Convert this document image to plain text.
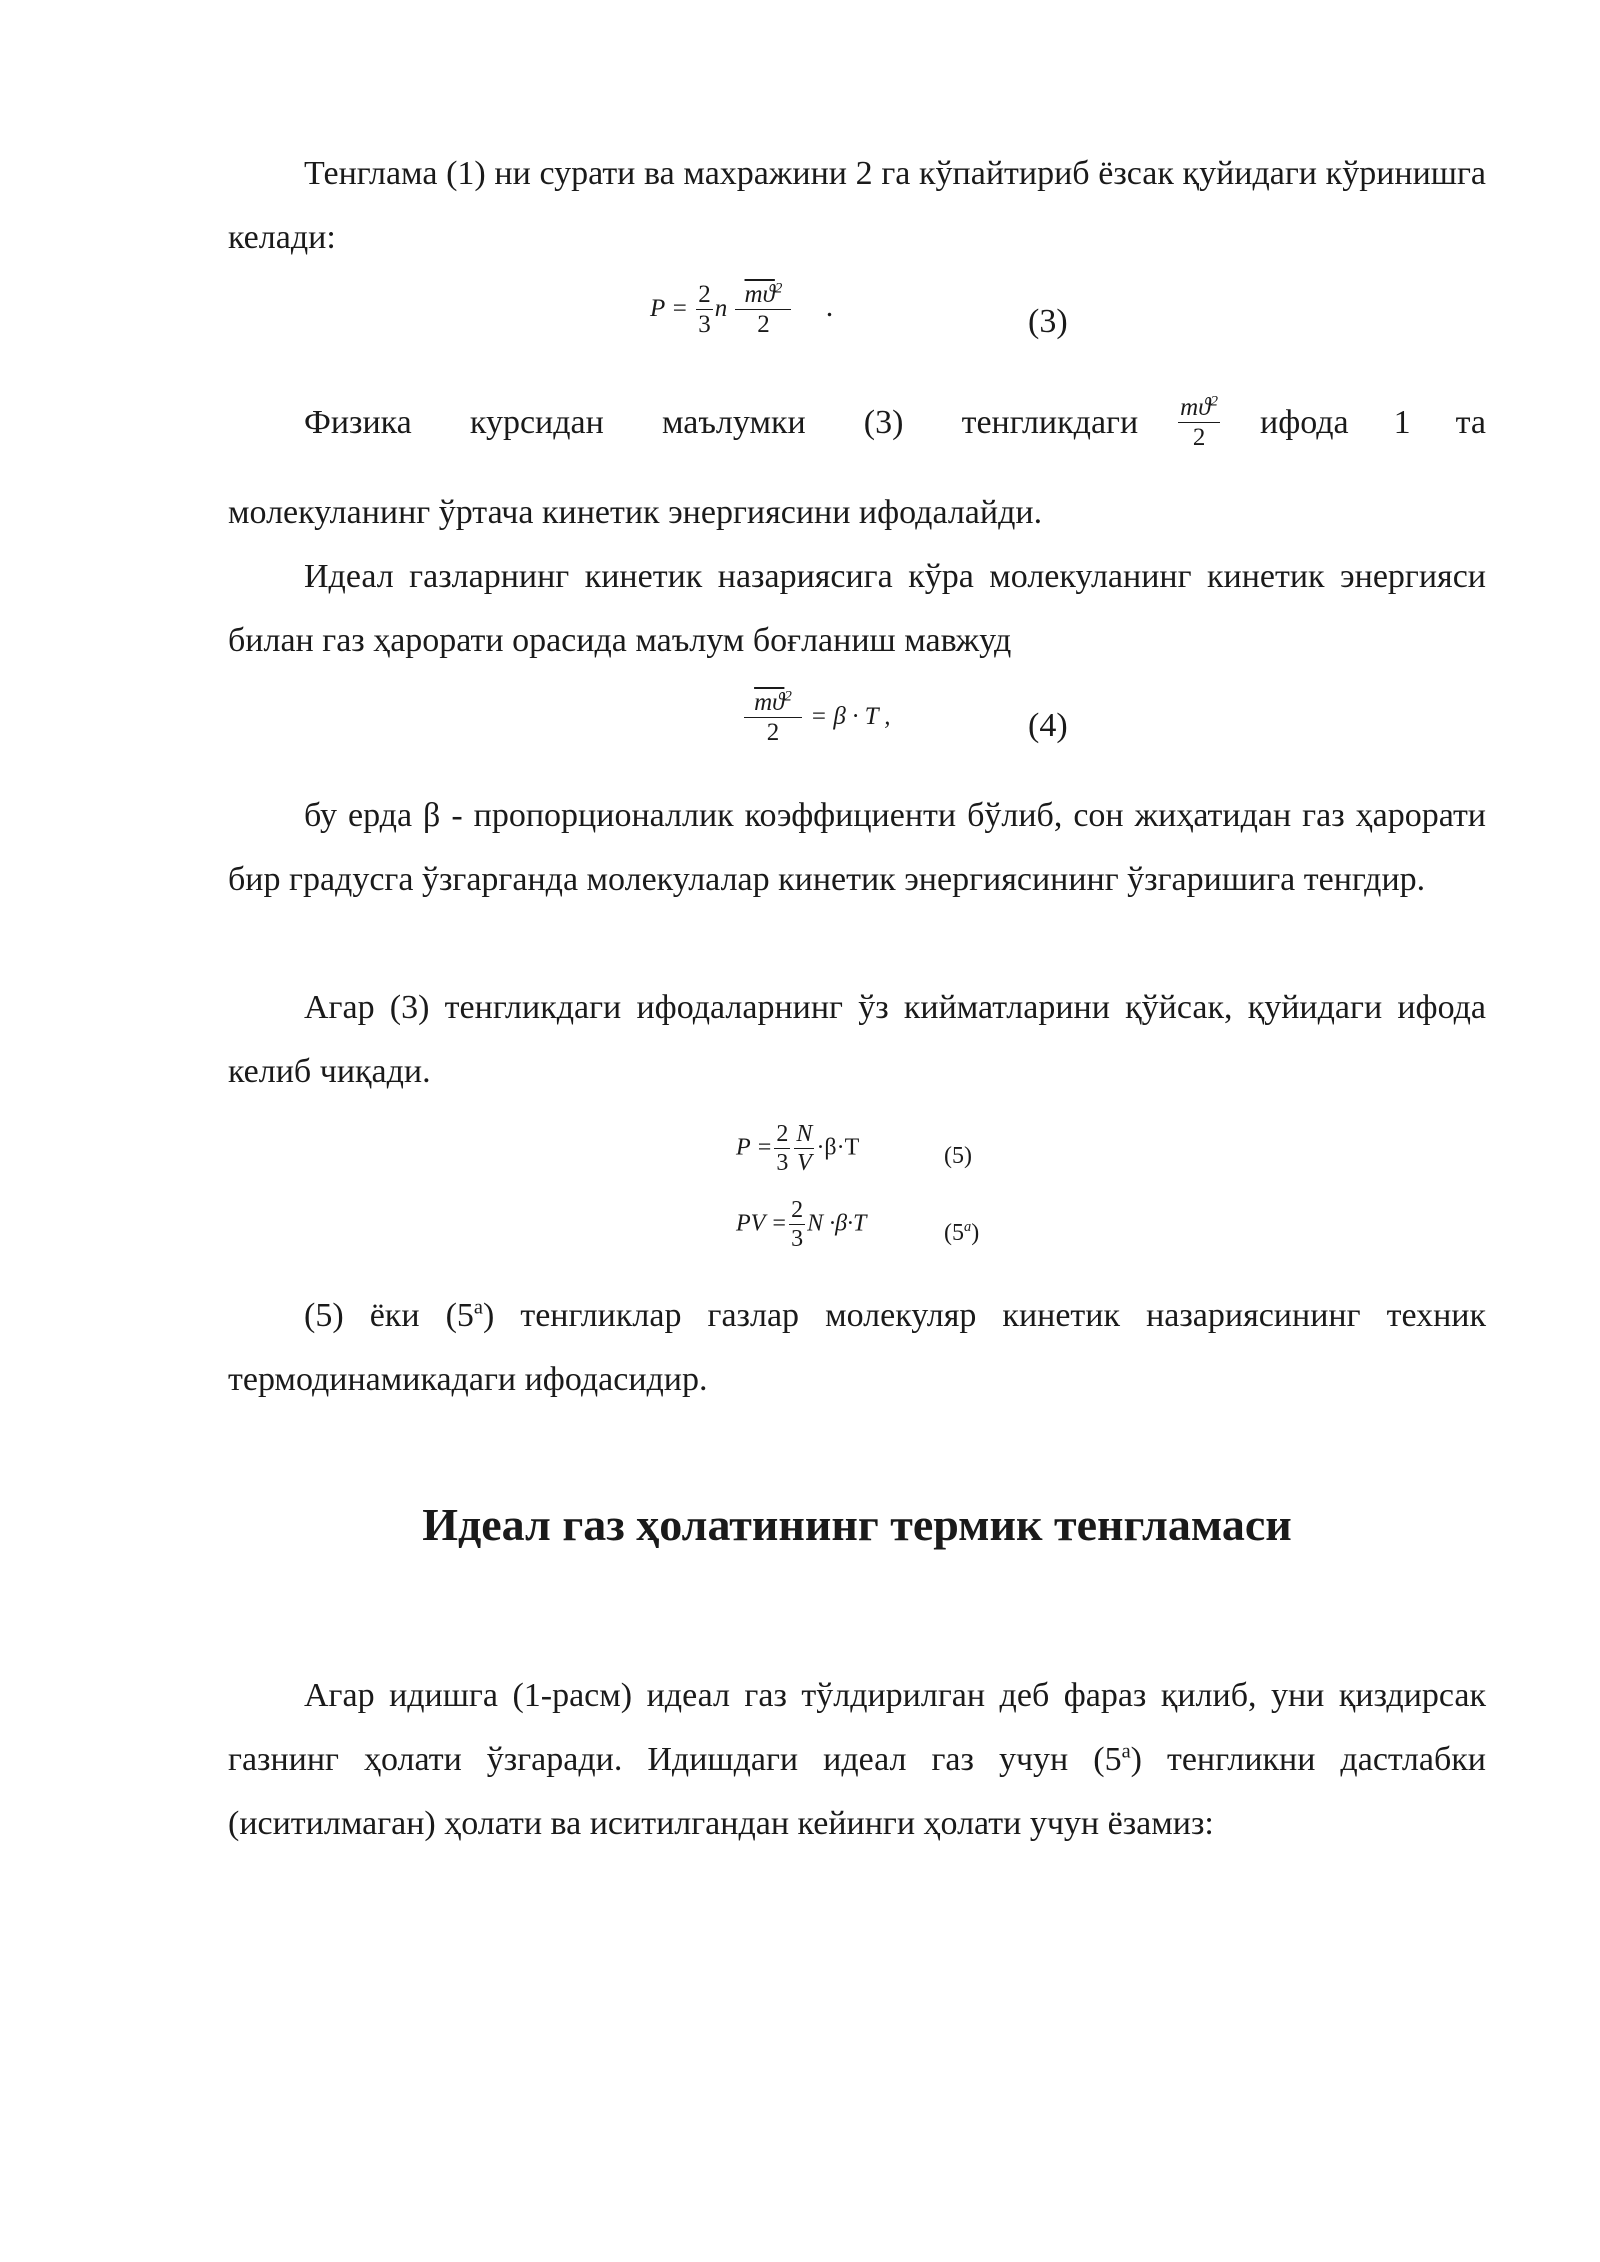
Тенглама (1) ни сурати ва махражини 2 га кўпайтириб ёзсак қуйидаги кўринишга келади:

$P = \frac{2}{3}$ n $\frac{\overline{mϑ}^2}{2}$ .	(3)
Физика курсидан маълумки (3) тенгликдаги $\frac{mϑ^2}{2}$ ифода 1 та

молекуланинг ўртача кинетик энергиясини ифодалайди.

Идеал газларнинг кинетик назариясига кўра молекуланинг кинетик энергияси билан газ ҳарорати орасида маълум боғланиш мавжуд

$\frac{\overline{mϑ}^2}{2} = \beta \cdot T$ ,	(4)

бу ерда β - пропорционаллик коэффициенти бўлиб, сон жиҳатидан газ ҳарорати бир градусга ўзгарганда молекулалар кинетик энергиясининг ўзгаришига тенгдир.

Агар (3) тенгликдаги ифодаларнинг ўз кийматларини қўйсак, қуйидаги ифода келиб чиқади.

$P = \frac{2}{3} \frac{N}{V} \cdot\beta\cdot T$	(5)
PV = $\frac{2}{3}$ N ·β·T	(5$^a$)

(5) ёки $(5^а)$ тенгликлар газлар молекуляр кинетик назариясининг техник термодинамикадаги ифодасидир.

Идеал газ ҳолатининг термик тенгламаси

Агар идишга (1-расм) идеал газ тўлдирилган деб фараз қилиб, уни қиздирсак газнинг ҳолати ўзгаради. Идишдаги идеал газ учун $(5^а)$ тенгликни дастлабки (иситилмаган) ҳолати ва иситилгандан кейинги ҳолати учун ёзамиз:
